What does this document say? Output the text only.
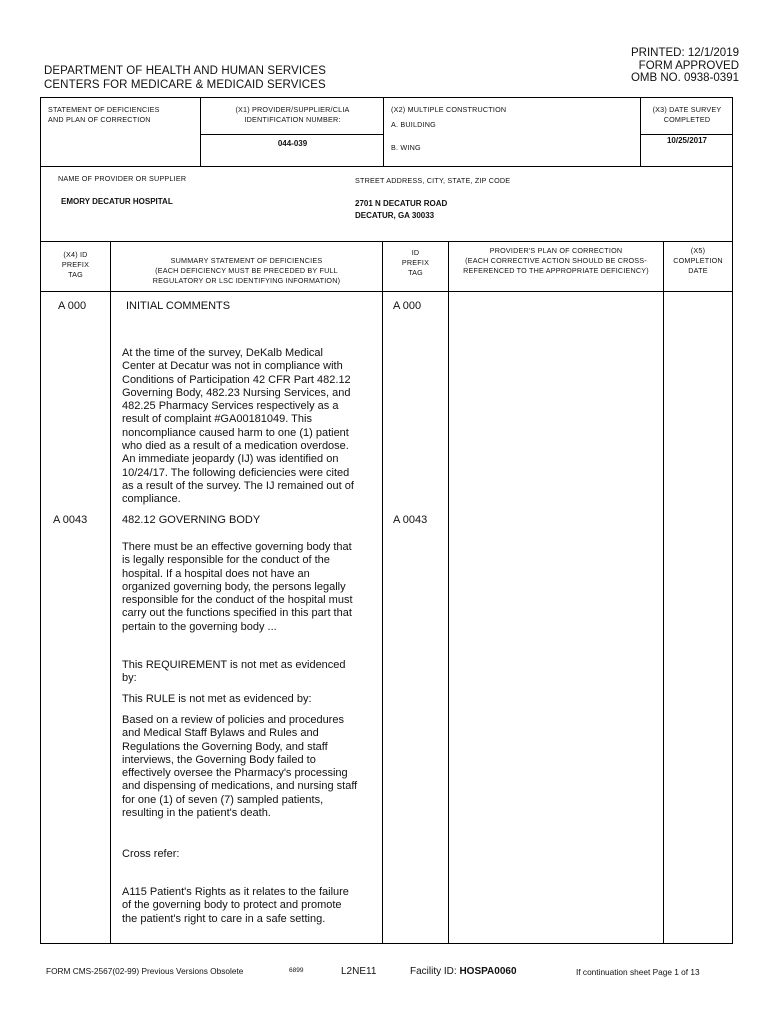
PRINTED: 12/1/2019
FORM APPROVED
OMB NO. 0938-0391
DEPARTMENT OF HEALTH AND HUMAN SERVICES
CENTERS FOR MEDICARE & MEDICAID SERVICES
STATEMENT OF DEFICIENCIES
AND PLAN OF CORRECTION
(X1) PROVIDER/SUPPLIER/CLIA
IDENTIFICATION NUMBER:
044-039
(X2) MULTIPLE CONSTRUCTION
A. BUILDING
B. WING
(X3) DATE SURVEY
COMPLETED
10/25/2017
NAME OF PROVIDER OR SUPPLIER
EMORY DECATUR HOSPITAL
STREET ADDRESS, CITY, STATE, ZIP CODE
2701 N DECATUR ROAD
DECATUR, GA 30033
(X4) ID
PREFIX
TAG
SUMMARY STATEMENT OF DEFICIENCIES
(EACH DEFICIENCY MUST BE PRECEDED BY FULL
REGULATORY OR LSC IDENTIFYING INFORMATION)
ID
PREFIX
TAG
PROVIDER'S PLAN OF CORRECTION
(EACH CORRECTIVE ACTION SHOULD BE CROSS-
REFERENCED TO THE APPROPRIATE DEFICIENCY)
(X5)
COMPLETION
DATE
A 000	A 000
INITIAL COMMENTS
At the time of the survey, DeKalb Medical
Center at Decatur was not in compliance with
Conditions of Participation 42 CFR Part 482.12
Governing Body, 482.23 Nursing Services, and
482.25 Pharmacy Services respectively as a
result of complaint #GA00181049. This
noncompliance caused harm to one (1) patient
who died as a result of a medication overdose.
An immediate jeopardy (IJ) was identified on
10/24/17. The following deficiencies were cited
as a result of the survey. The IJ remained out of
compliance.
A 0043	A 0043
482.12 GOVERNING BODY
There must be an effective governing body that
is legally responsible for the conduct of the
hospital. If a hospital does not have an
organized governing body, the persons legally
responsible for the conduct of the hospital must
carry out the functions specified in this part that
pertain to the governing body ...
This REQUIREMENT is not met as evidenced
by:
This RULE is not met as evidenced by:
Based on a review of policies and procedures
and Medical Staff Bylaws and Rules and
Regulations the Governing Body, and staff
interviews, the Governing Body failed to
effectively oversee the Pharmacy's processing
and dispensing of medications, and nursing staff
for one (1) of seven (7) sampled patients,
resulting in the patient's death.
Cross refer:
A115 Patient's Rights as it relates to the failure
of the governing body to protect and promote
the patient's right to care in a safe setting.
FORM CMS-2567(02-99) Previous Versions Obsolete	6899	L2NE11	Facility ID: HOSPA0060	If continuation sheet Page 1 of 13
